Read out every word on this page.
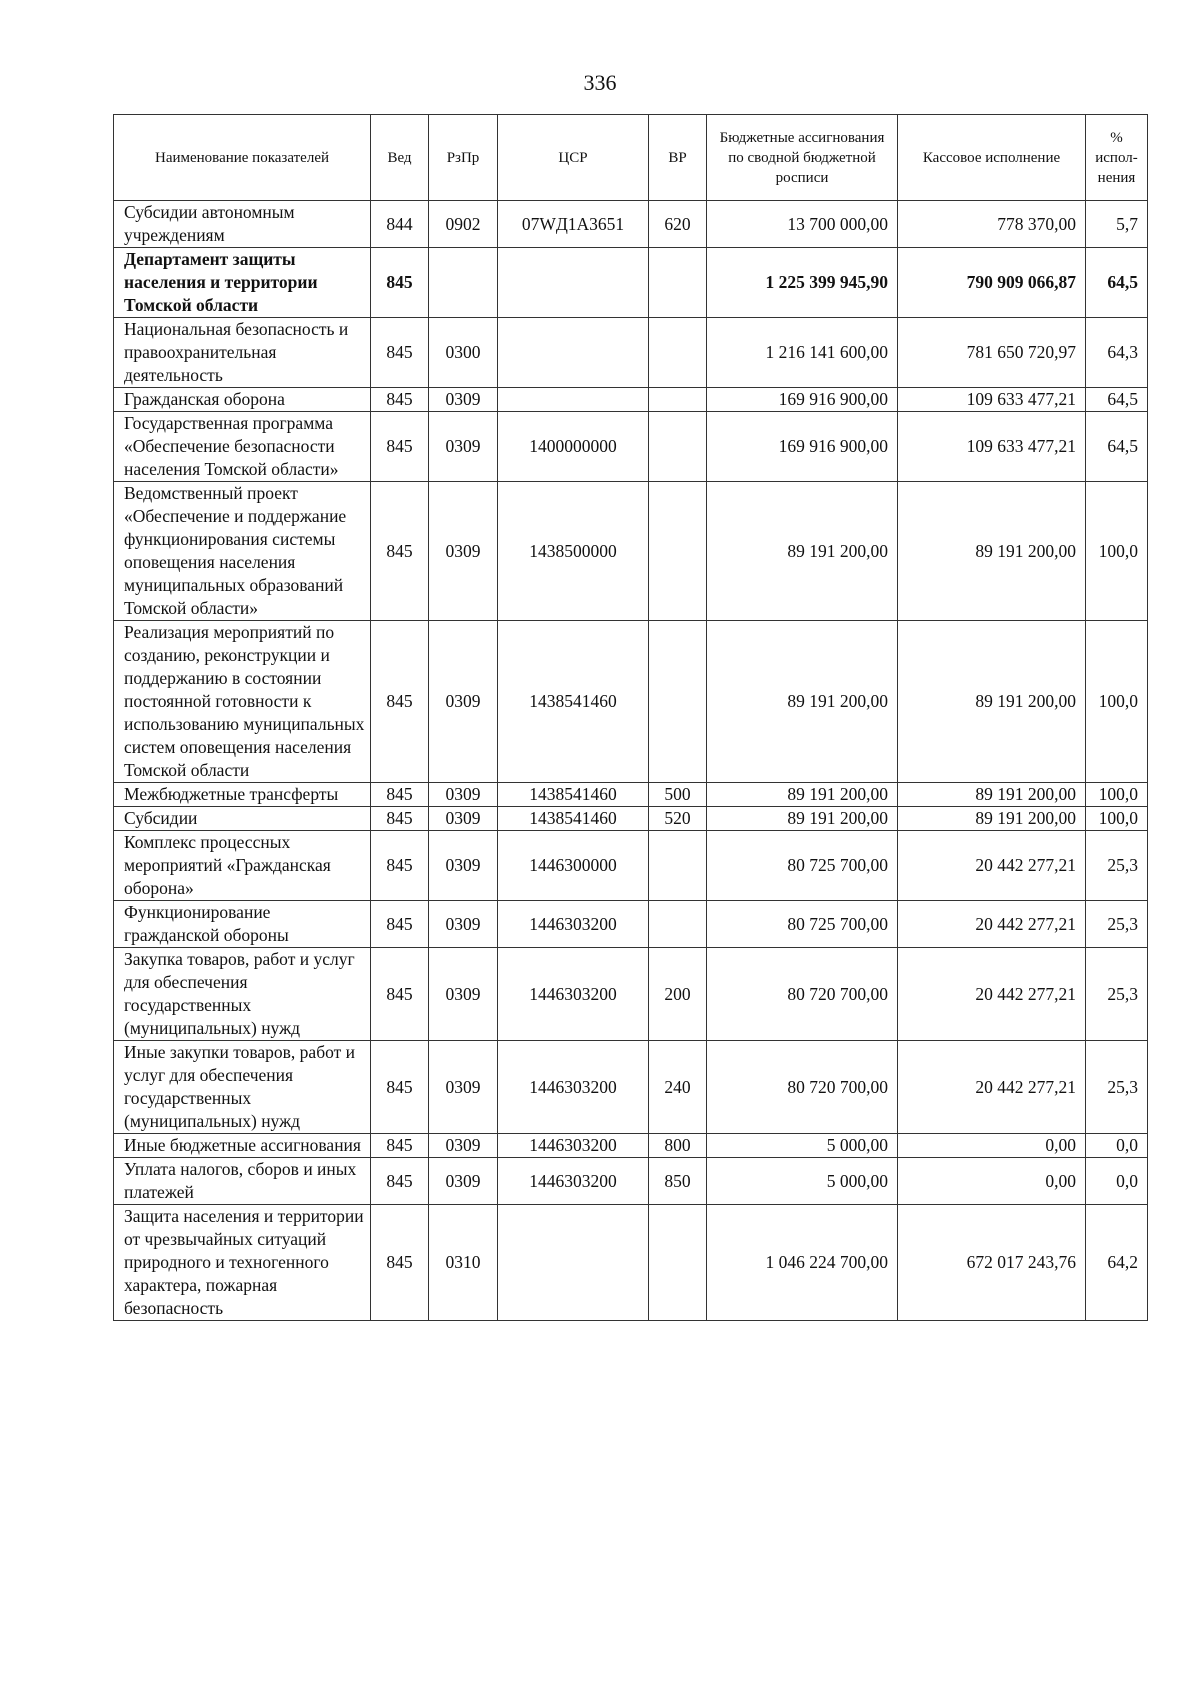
336
Наименование показателей	Вед	РзПр	ЦСР	ВР	Бюджетные ассигнования по сводной бюджетной росписи	Кассовое исполнение	% испол-нения
Субсидии автономным учреждениям	844	0902	07WД1А3651	620	13 700 000,00	778 370,00	5,7
Департамент защиты населения и территории Томской области	845				1 225 399 945,90	790 909 066,87	64,5
Национальная безопасность и правоохранительная деятельность	845	0300			1 216 141 600,00	781 650 720,97	64,3
Гражданская оборона	845	0309			169 916 900,00	109 633 477,21	64,5
Государственная программа «Обеспечение безопасности населения Томской области»	845	0309	1400000000		169 916 900,00	109 633 477,21	64,5
Ведомственный проект «Обеспечение и поддержание функционирования системы оповещения населения муниципальных образований Томской области»	845	0309	1438500000		89 191 200,00	89 191 200,00	100,0
Реализация мероприятий по созданию, реконструкции и поддержанию в состоянии постоянной готовности к использованию муниципальных систем оповещения населения Томской области	845	0309	1438541460		89 191 200,00	89 191 200,00	100,0
Межбюджетные трансферты	845	0309	1438541460	500	89 191 200,00	89 191 200,00	100,0
Субсидии	845	0309	1438541460	520	89 191 200,00	89 191 200,00	100,0
Комплекс процессных мероприятий «Гражданская оборона»	845	0309	1446300000		80 725 700,00	20 442 277,21	25,3
Функционирование гражданской обороны	845	0309	1446303200		80 725 700,00	20 442 277,21	25,3
Закупка товаров, работ и услуг для обеспечения государственных (муниципальных) нужд	845	0309	1446303200	200	80 720 700,00	20 442 277,21	25,3
Иные закупки товаров, работ и услуг для обеспечения государственных (муниципальных) нужд	845	0309	1446303200	240	80 720 700,00	20 442 277,21	25,3
Иные бюджетные ассигнования	845	0309	1446303200	800	5 000,00	0,00	0,0
Уплата налогов, сборов и иных платежей	845	0309	1446303200	850	5 000,00	0,00	0,0
Защита населения и территории от чрезвычайных ситуаций природного и техногенного характера, пожарная безопасность	845	0310			1 046 224 700,00	672 017 243,76	64,2
